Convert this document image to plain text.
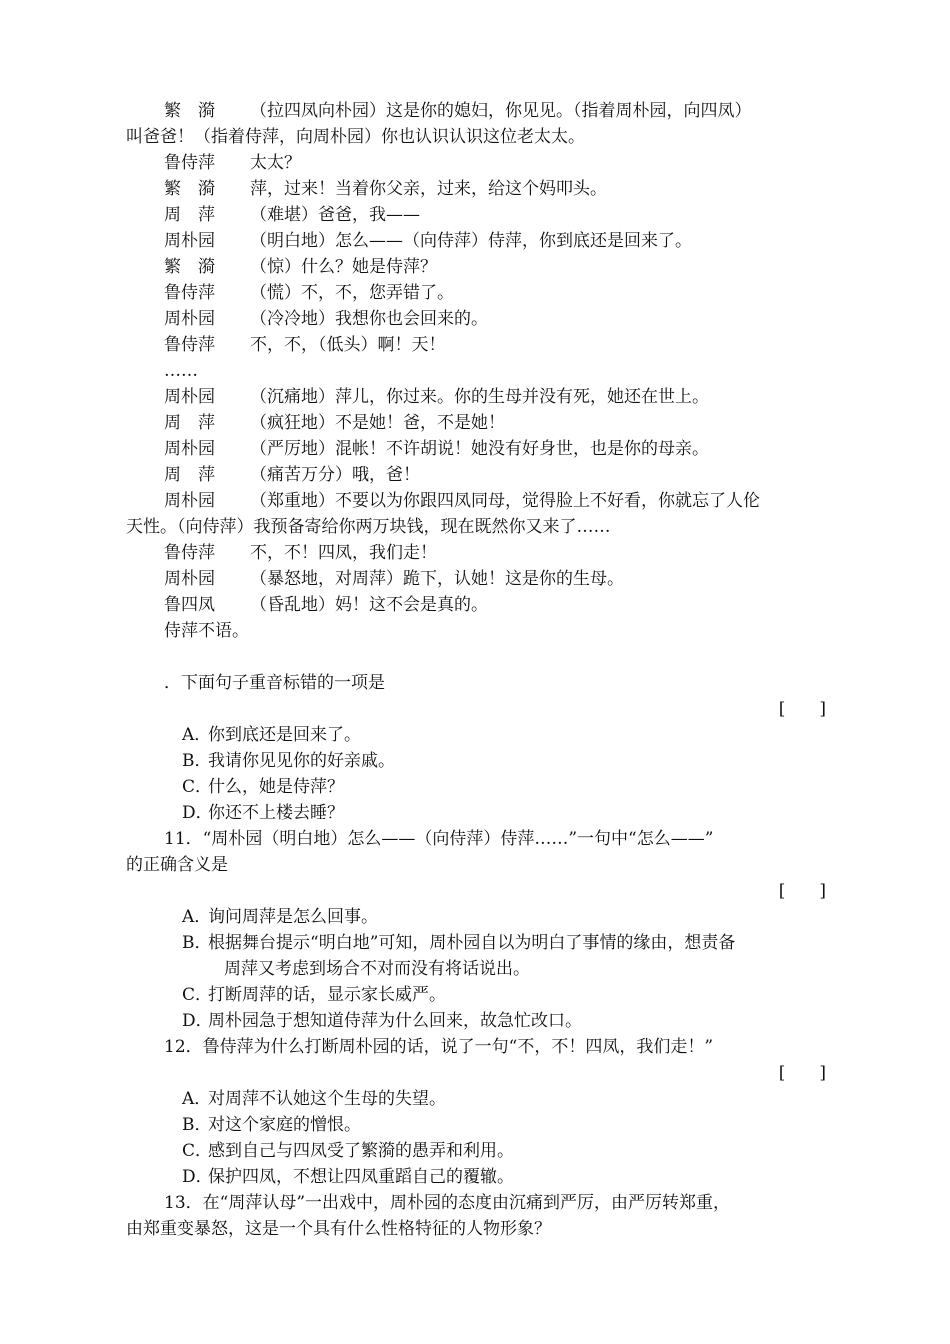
繁　漪 （拉四凤向朴园）这是你的媳妇，你见见。（指着周朴园，向四凤）
叫爸爸！（指着侍萍，向周朴园）你也认识认识这位老太太。
鲁侍萍 太太？
繁　漪 萍，过来！当着你父亲，过来，给这个妈叩头。
周　萍 （难堪）爸爸，我——
周朴园 （明白地）怎么——（向侍萍）侍萍，你到底还是回来了。
繁　漪 （惊）什么？她是侍萍？
鲁侍萍 （慌）不，不，您弄错了。
周朴园 （冷冷地）我想你也会回来的。
鲁侍萍 不，不，（低头）啊！天！
……
周朴园 （沉痛地）萍儿，你过来。你的生母并没有死，她还在世上。
周　萍 （疯狂地）不是她！爸，不是她！
周朴园 （严厉地）混帐！不许胡说！她没有好身世，也是你的母亲。
周　萍 （痛苦万分）哦，爸！
周朴园 （郑重地）不要以为你跟四凤同母，觉得脸上不好看，你就忘了人伦
天性。（向侍萍）我预备寄给你两万块钱，现在既然你又来了……
鲁侍萍 不，不！四凤，我们走！
周朴园 （暴怒地，对周萍）跪下，认她！这是你的生母。
鲁四凤 （昏乱地）妈！这不会是真的。
侍萍不语。
．下面句子重音标错的一项是
[　　]
A．你到底还是回来了。
B．我请你见见你的好亲戚。
C．什么，她是侍萍？
D．你还不上楼去睡？
11．“周朴园（明白地）怎么——（向侍萍）侍萍……”一句中“怎么——”
的正确含义是
[　　]
A．询问周萍是怎么回事。
B．根据舞台提示“明白地”可知，周朴园自以为明白了事情的缘由，想责备
周萍又考虑到场合不对而没有将话说出。
C．打断周萍的话，显示家长威严。
D．周朴园急于想知道侍萍为什么回来，故急忙改口。
12．鲁侍萍为什么打断周朴园的话，说了一句“不，不！四凤，我们走！”
[　　]
A．对周萍不认她这个生母的失望。
B．对这个家庭的憎恨。
C．感到自己与四凤受了繁漪的愚弄和利用。
D．保护四凤，不想让四凤重蹈自己的覆辙。
13．在“周萍认母”一出戏中，周朴园的态度由沉痛到严厉，由严厉转郑重，
由郑重变暴怒，这是一个具有什么性格特征的人物形象？
